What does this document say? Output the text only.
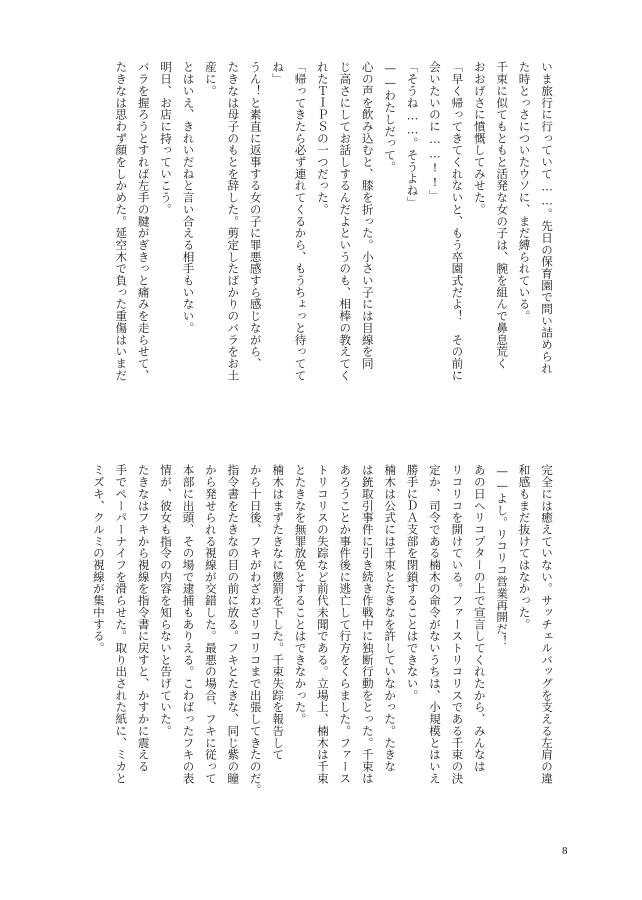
いま旅行に行っていて……。先日の保育園で問い詰められ
た時とっさについたウソに、まだ縛られている。
千束に似てもともと活発な女の子は、腕を組んで鼻息荒く
おおげさに憤慨してみせた。
「早く帰ってきてくれないと、もう卒園式だよ！　その前に
会いたいのに……!!」
「そうね……。そうよね」
——わたしだって。
心の声を飲み込むと、膝を折った。小さい子には目線を同
じ高さにしてお話しするんだよというのも、相棒の教えてく
れたＴＩＰＳの一つだった。
「帰ってきたら必ず連れてくるから、もうちょっと待ってて
ね」
うん！と素直に返事する女の子に罪悪感すら感じながら、
たきなは母子のもとを辞した。剪定したばかりのバラをお土
産に。
とはいえ、きれいだねと言い合える相手もいない。
明日、お店に持っていこう。
バラを握ろうとすれば左手の腱がぎきっと痛みを走らせて、
たきなは思わず顔をしかめた。延空木で負った重傷はいまだ
完全には癒えていない。サッチェルバッグを支える左肩の違
和感もまだ抜けてはなかった。
——よし。リコリコ営業再開だ！
あの日ヘリコプターの上で宣言してくれたから、みんなは
リコリコを開けている。ファーストリコリスである千束の決
定か、司令である楠木の命令がないうちは、小規模とはいえ
勝手にＤＡ支部を閉鎖することはできない。
楠木は公式には千束とたきなを許していなかった。たきな
は銃取引事件に引き続き作戦中に独断行動をとった。千束は
あろうことか事件後に逃亡して行方をくらました。ファース
トリコリスの失踪など前代未聞である。立場上、楠木は千束
とたきなを無罪放免とすることはできなかった。
楠木はまずたきなに懲罰を下した。千束失踪を報告して
から十日後、フキがわざわざリコリコまで出張してきたのだ。
指令書をたきなの目の前に放る。フキとたきな、同じ紫の瞳
から発せられる視線が交錯した。最悪の場合、フキに従って
本部に出頭、その場で逮捕もありえる。こわばったフキの表
情が、彼女も指令の内容を知らないと告げていた。
たきなはフキから視線を指令書に戻すと、かすかに震える
手でペーパーナイフを滑らせた。取り出された紙に、ミカと
ミズキ、クルミの視線が集中する。
8
